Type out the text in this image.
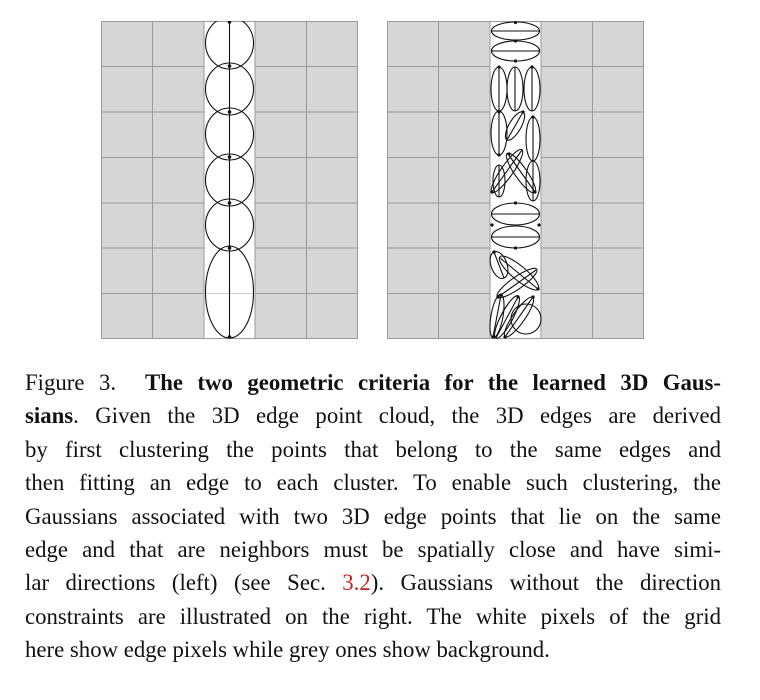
Figure 3. The two geometric criteria for the learned 3D Gaus-
sians. Given the 3D edge point cloud, the 3D edges are derived
by first clustering the points that belong to the same edges and
then fitting an edge to each cluster. To enable such clustering, the
Gaussians associated with two 3D edge points that lie on the same
edge and that are neighbors must be spatially close and have simi-
lar directions (left) (see Sec. 3.2). Gaussians without the direction
constraints are illustrated on the right. The white pixels of the grid
here show edge pixels while grey ones show background.
